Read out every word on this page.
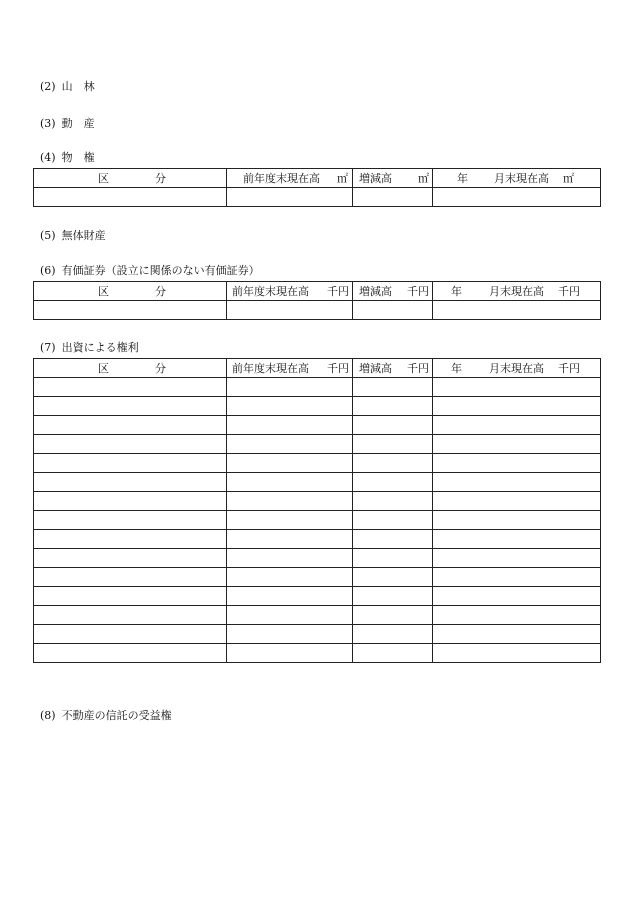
(2) 山　林
(3) 動　産
(4) 物　権
区 分	前年度末現在高 ㎡	増減高 ㎡	年 月末現在高 ㎡

(5) 無体財産
(6) 有価証券（設立に関係のない有価証券）
区 分	前年度末現在高 千円	増減高 千円	年 月末現在高 千円

(7) 出資による権利
区 分	前年度末現在高 千円	増減高 千円	年 月末現在高 千円

(8) 不動産の信託の受益権
